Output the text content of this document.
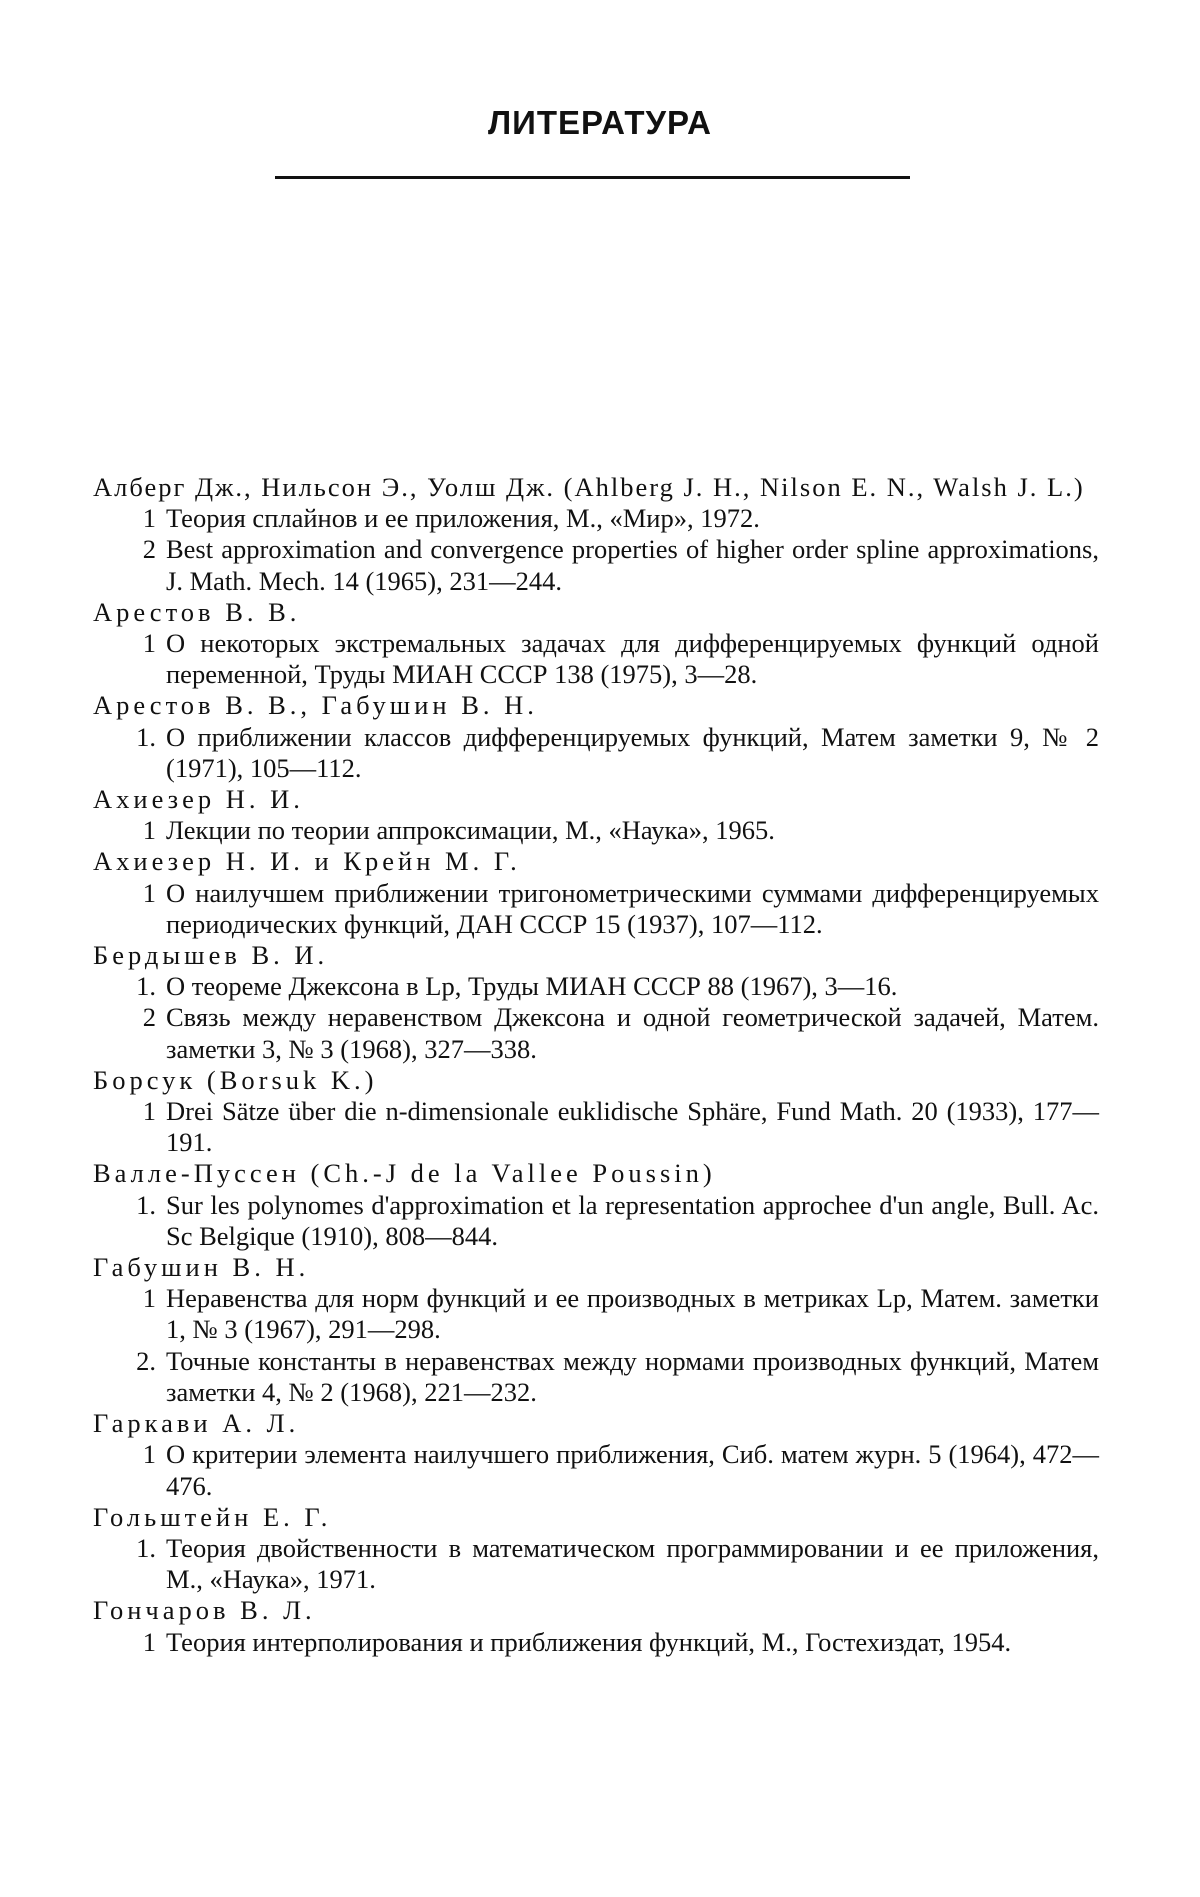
ЛИТЕРАТУРА
Алберг Дж., Нильсон Э., Уолш Дж. (Ahlberg J. H., Nilson E. N., Walsh J. L.)
1 Теория сплайнов и ее приложения, М., «Мир», 1972.
2 Best approximation and convergence properties of higher order spline approximations, J. Math. Mech. 14 (1965), 231—244.
Арестов В. В.
1 О некоторых экстремальных задачах для дифференцируемых функций одной переменной, Труды МИАН СССР 138 (1975), 3—28.
Арестов В. В., Габушин В. Н.
1. О приближении классов дифференцируемых функций, Матем заметки 9, № 2 (1971), 105—112.
Ахиезер Н. И.
1 Лекции по теории аппроксимации, М., «Наука», 1965.
Ахиезер Н. И. и Крейн М. Г.
1 О наилучшем приближении тригонометрическими суммами дифференцируемых периодических функций, ДАН СССР 15 (1937), 107—112.
Бердышев В. И.
1. О теореме Джексона в Lp, Труды МИАН СССР 88 (1967), 3—16.
2 Связь между неравенством Джексона и одной геометрической задачей, Матем. заметки 3, № 3 (1968), 327—338.
Борсук (Borsuk K.)
1 Drei Sätze über die n-dimensionale euklidische Sphäre, Fund Math. 20 (1933), 177—191.
Валле-Пуссен (Ch.-J de la Vallee Poussin)
1. Sur les polynomes d'approximation et la representation approchee d'un angle, Bull. Ac. Sc Belgique (1910), 808—844.
Габушин В. Н.
1 Неравенства для норм функций и ее производных в метриках Lp, Матем. заметки 1, № 3 (1967), 291—298.
2. Точные константы в неравенствах между нормами производных функций, Матем заметки 4, № 2 (1968), 221—232.
Гаркави А. Л.
1 О критерии элемента наилучшего приближения, Сиб. матем журн. 5 (1964), 472—476.
Гольштейн Е. Г.
1. Теория двойственности в математическом программировании и ее приложения, М., «Наука», 1971.
Гончаров В. Л.
1 Теория интерполирования и приближения функций, М., Гостехиздат, 1954.
